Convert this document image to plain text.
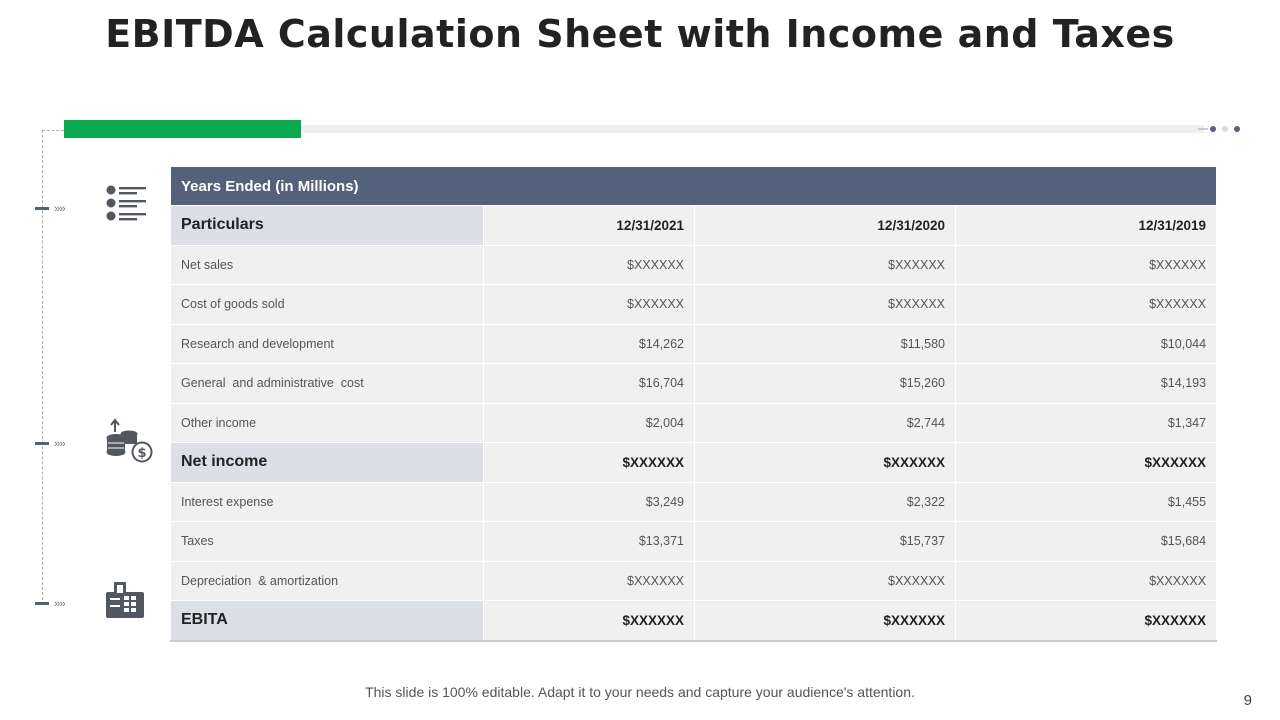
EBITDA Calculation Sheet with Income and Taxes
››››
››››
››››
$
Years Ended (in Millions)			
Particulars	12/31/2021	12/31/2020	12/31/2019
Net sales	$XXXXXX	$XXXXXX	$XXXXXX
Cost of goods sold	$XXXXXX	$XXXXXX	$XXXXXX
Research and development	$14,262	$11,580	$10,044
General  and administrative  cost	$16,704	$15,260	$14,193
Other income	$2,004	$2,744	$1,347
Net income	$XXXXXX	$XXXXXX	$XXXXXX
Interest expense	$3,249	$2,322	$1,455
Taxes	$13,371	$15,737	$15,684
Depreciation  & amortization	$XXXXXX	$XXXXXX	$XXXXXX
EBITA	$XXXXXX	$XXXXXX	$XXXXXX
This slide is 100% editable. Adapt it to your needs and capture your audience's attention.	9
